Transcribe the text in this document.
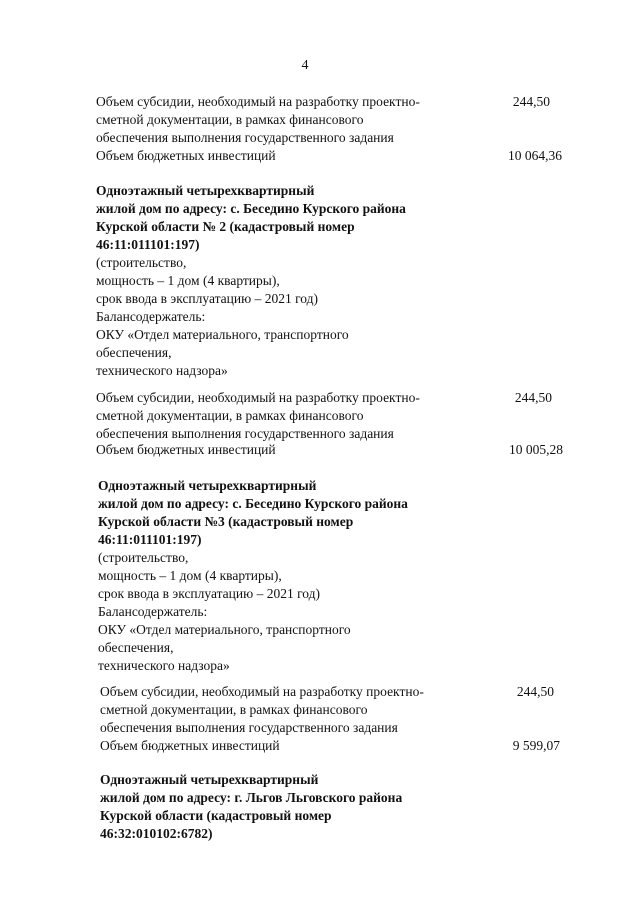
4
Объем субсидии, необходимый на разработку проектно-
сметной документации, в рамках финансового
обеспечения выполнения государственного задания
244,50
Объем бюджетных инвестиций	10 064,36
Одноэтажный четырехквартирный
жилой дом по адресу: с. Беседино Курского района
Курской области № 2 (кадастровый номер
46:11:011101:197)
(строительство,
мощность – 1 дом (4 квартиры),
срок ввода в эксплуатацию – 2021 год)
Балансодержатель:
ОКУ «Отдел материального, транспортного
обеспечения,
технического надзора»
Объем субсидии, необходимый на разработку проектно-
сметной документации, в рамках финансового
обеспечения выполнения государственного задания
244,50
Объем бюджетных инвестиций	10 005,28
Одноэтажный четырехквартирный
жилой дом по адресу: с. Беседино Курского района
Курской области №3 (кадастровый номер
46:11:011101:197)
(строительство,
мощность – 1 дом (4 квартиры),
срок ввода в эксплуатацию – 2021 год)
Балансодержатель:
ОКУ «Отдел материального, транспортного
обеспечения,
технического надзора»
Объем субсидии, необходимый на разработку проектно-
сметной документации, в рамках финансового
обеспечения выполнения государственного задания
244,50
Объем бюджетных инвестиций	9 599,07
Одноэтажный четырехквартирный
жилой дом по адресу: г. Льгов Льговского района
Курской области (кадастровый номер
46:32:010102:6782)
